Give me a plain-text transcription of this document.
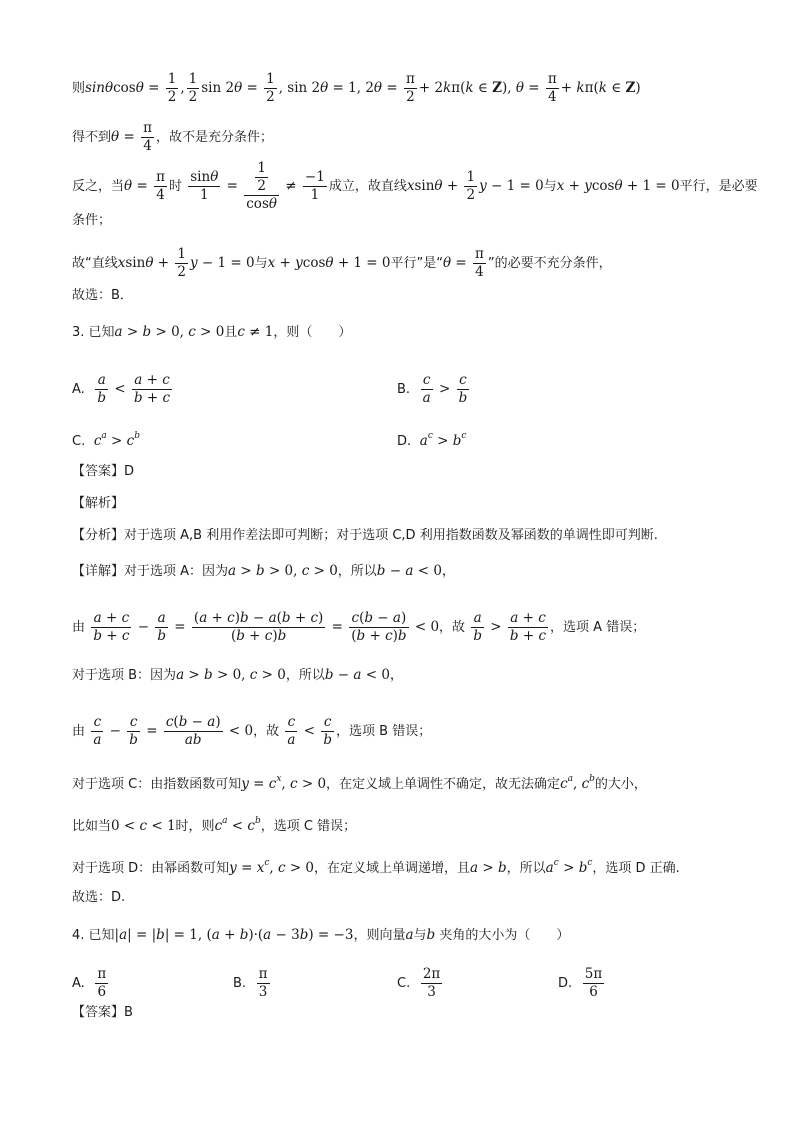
则$\sin\theta\cos\theta = \frac{1}{2}$ , $\frac{1}{2}$ $\sin 2\theta = \frac{1}{2}$ , sin 2θ = 1, $2\theta = \frac{\pi}{2} + 2k\pi(k$ ∈ Z), $\theta = \frac{\pi}{4} + k\pi(k$ ∈ Z)
得不到$\theta = \frac{\pi}{4}$ ，故不是充分条件；
反之，当$\theta = \frac{\pi}{4}$ 时 $\frac{\sin\theta}{1} = \frac{\frac{1}{2}}{\cos\theta} \ne \frac{-1}{1}$ 成立，故直线$xsin\theta + \frac{1}{2}$ y − 1 = 0与x + ycosθ + 1 = 0平行，是必要
条件；
故“直线$xsin\theta + \frac{1}{2}$ y − 1 = 0与x + ycosθ + 1 = 0平行”是“$\theta = \frac{\pi}{4}$ ”的必要不充分条件，
故选：B．
3. 已知a > b > 0, c > 0且c ≠ 1，则（　　）
A. $\frac{a}{b} < \frac{a + c}{b + c}$	B. $\frac{c}{a} > \frac{c}{b}$
C. $c^a > c^b$	D. $a^c > b^c$
【答案】D
【解析】
【分析】对于选项 A,B 利用作差法即可判断；对于选项 C,D 利用指数函数及幂函数的单调性即可判断.
【详解】对于选项 A：因为a > b > 0, c > 0，所以b − a < 0，
由 $\frac{a + c}{b + c} - \frac{a}{b} = \frac{(a + c)b - a(b + c)}{(b + c)b} = \frac{c(b - a)}{(b + c)b} < 0$，故 $\frac{a}{b} > \frac{a + c}{b + c}$ ，选项 A 错误；
对于选项 B：因为a > b > 0, c > 0，所以b − a < 0，
由 $\frac{c}{a} - \frac{c}{b} = \frac{c(b - a)}{ab} < 0$，故 $\frac{c}{a} < \frac{c}{b}$ ，选项 B 错误；
对于选项 C：由指数函数可知$y = c^x$, c > 0，在定义域上单调性不确定，故无法确定$c^a$, $c^b$的大小，
比如当0 < c < 1时，则$c^a < c^b$，选项 C 错误；
对于选项 D：由幂函数可知$y = x^c$, c > 0，在定义域上单调递增，且a > b，所以$a^c > b^c$，选项 D 正确.
故选：D.
4. 已知|a| = |b| = 1, (a + b)·(a − 3b) = −3，则向量a与b 夹角的大小为（　　）
A. $\frac{\pi}{6}$	B. $\frac{\pi}{3}$	C. $\frac{2\pi}{3}$	D. $\frac{5\pi}{6}$
【答案】B
